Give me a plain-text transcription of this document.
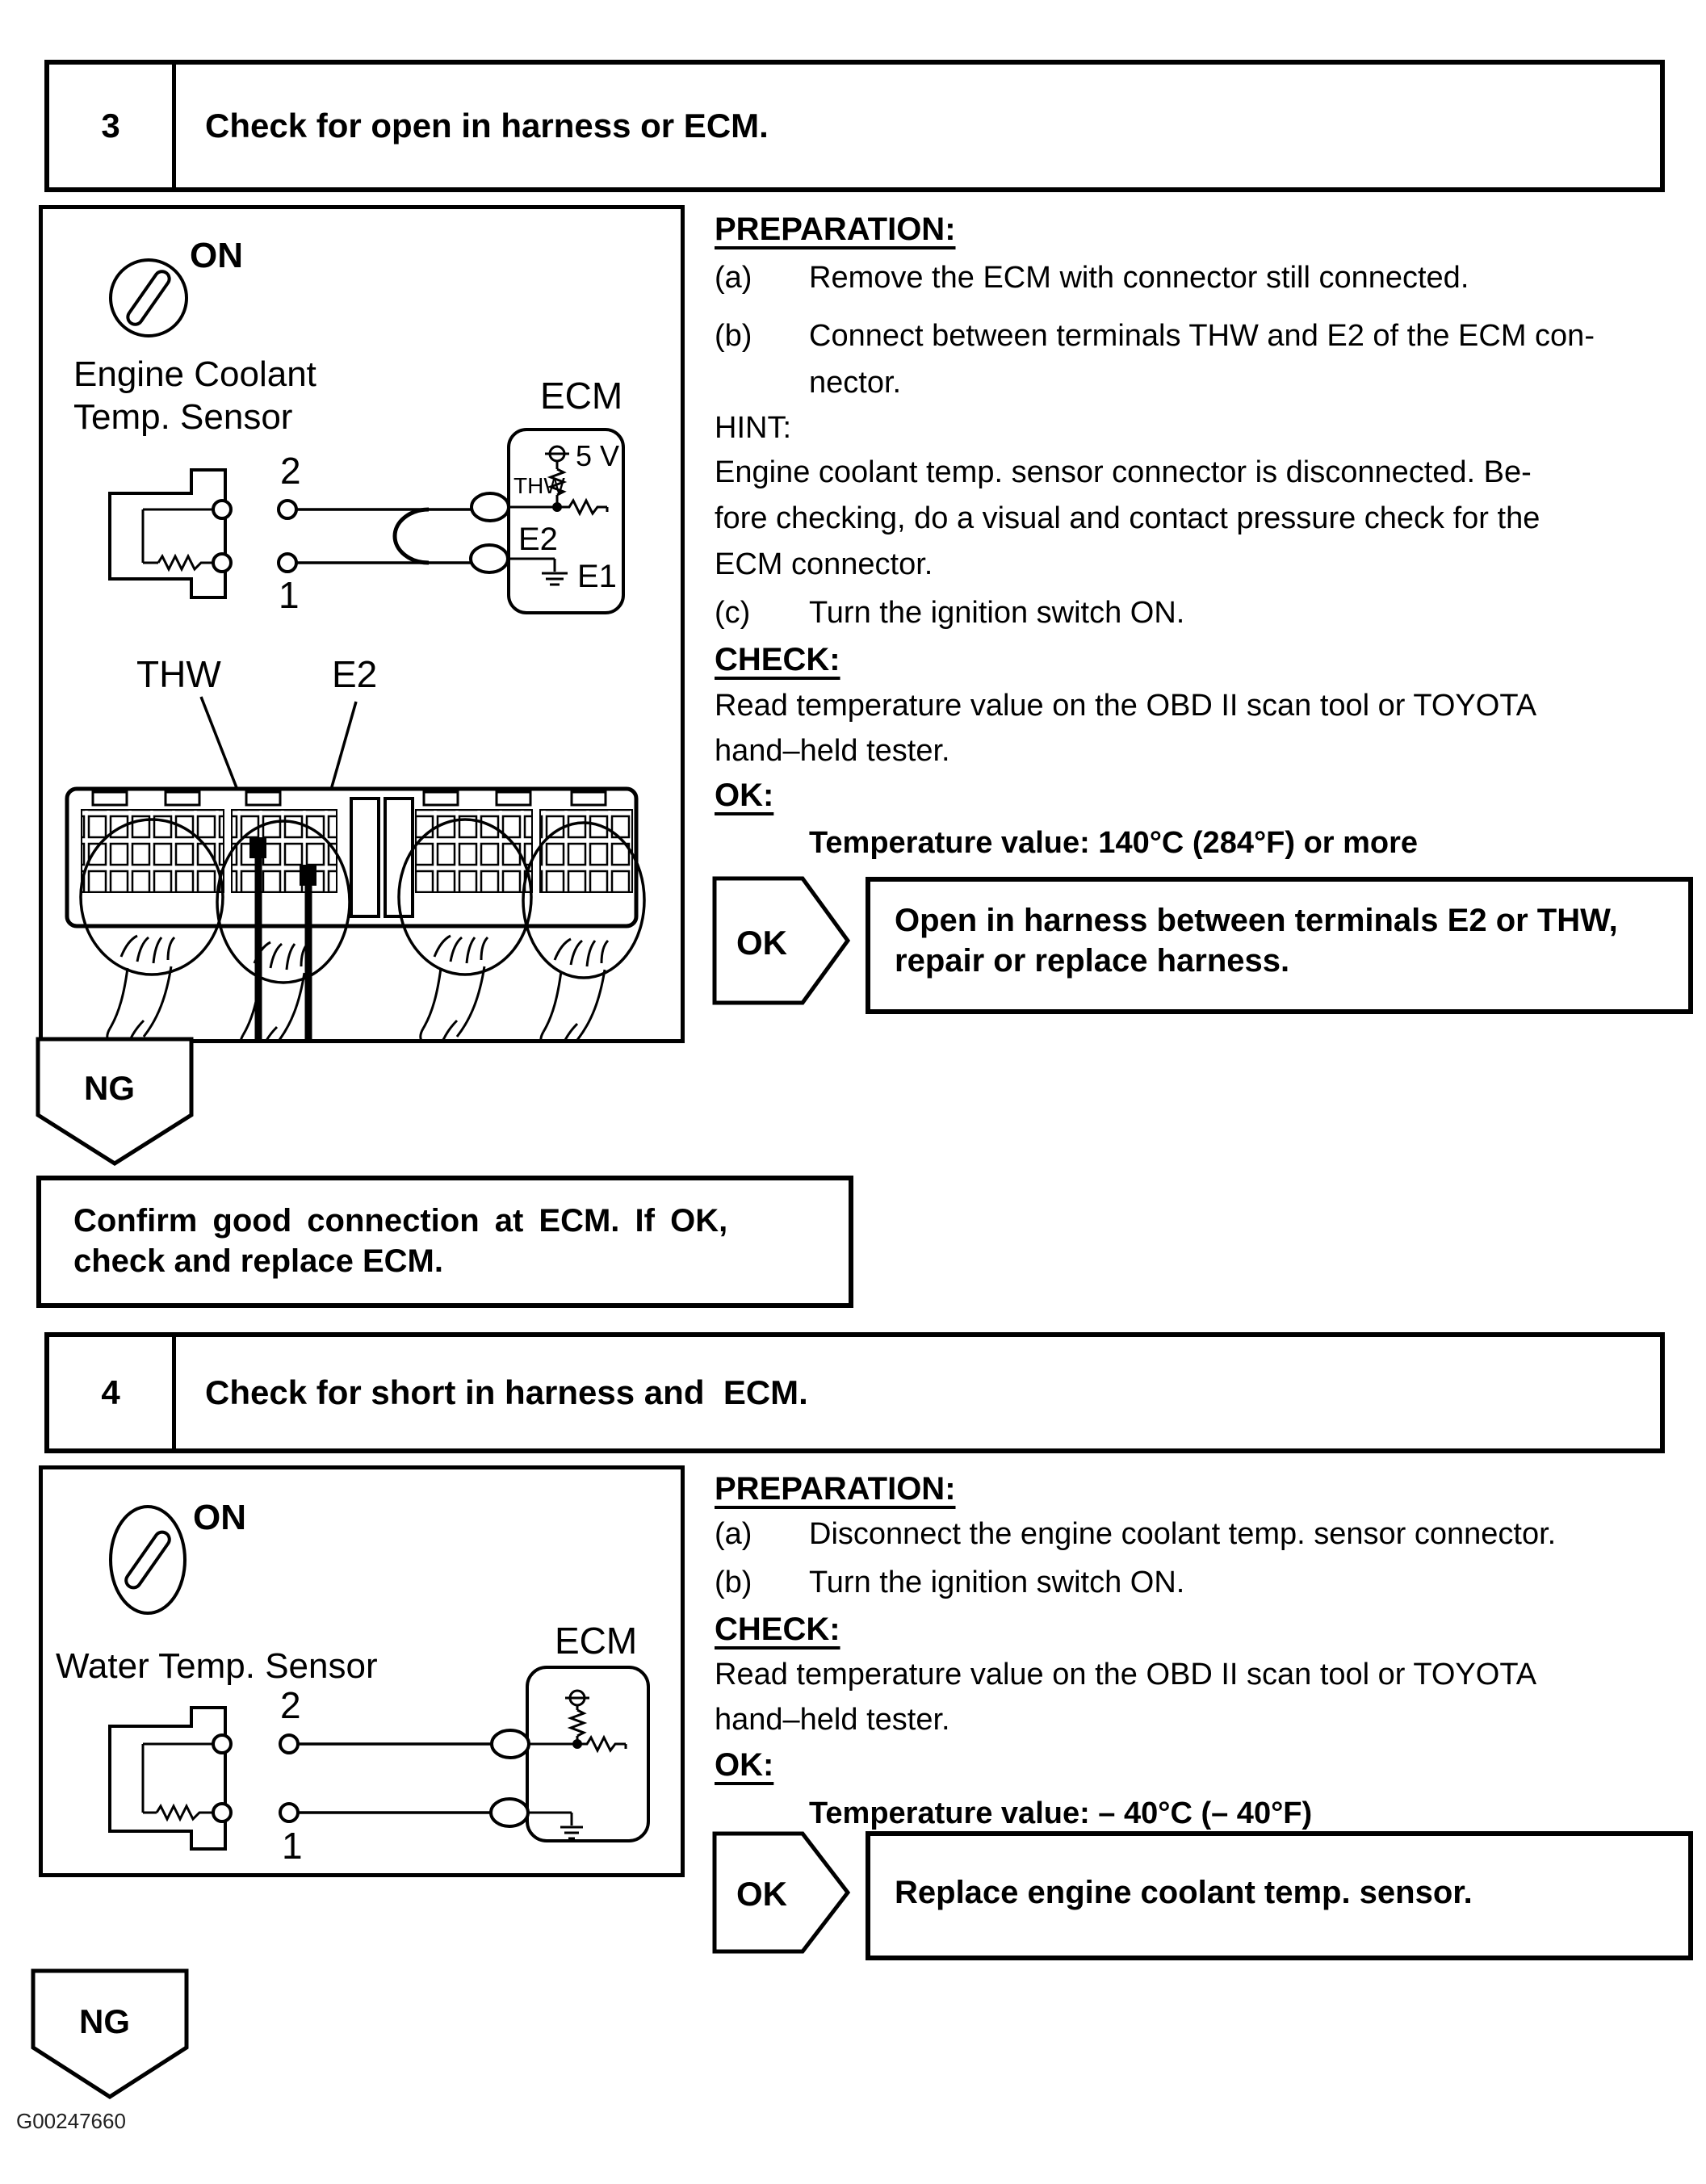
3	Check for open in harness or ECM.
ON
Engine Coolant
Temp. Sensor
ECM
THW
5 V
E2
E1
2
1
THW	E2
PREPARATION:
(a) Remove the ECM with connector still connected.
(b) Connect between terminals THW and E2 of the ECM con-
nector.
HINT:
Engine coolant temp. sensor connector is disconnected. Be-
fore checking, do a visual and contact pressure check for the
ECM connector.
(c) Turn the ignition switch ON.
CHECK:
Read temperature value on the OBD II scan tool or TOYOTA
hand–held tester.
OK:
Temperature value: 140°C (284°F) or more
OK
Open in harness between terminals E2 or THW,
repair or replace harness.
NG
Confirm good connection at ECM. If OK,
check and replace ECM.
4	Check for short in harness and  ECM.
ON
Water Temp. Sensor
ECM
2
1
PREPARATION:
(a) Disconnect the engine coolant temp. sensor connector.
(b) Turn the ignition switch ON.
CHECK:
Read temperature value on the OBD II scan tool or TOYOTA
hand–held tester.
OK:
Temperature value: – 40°C (– 40°F)
OK	Replace engine coolant temp. sensor.
NG
G00247660
